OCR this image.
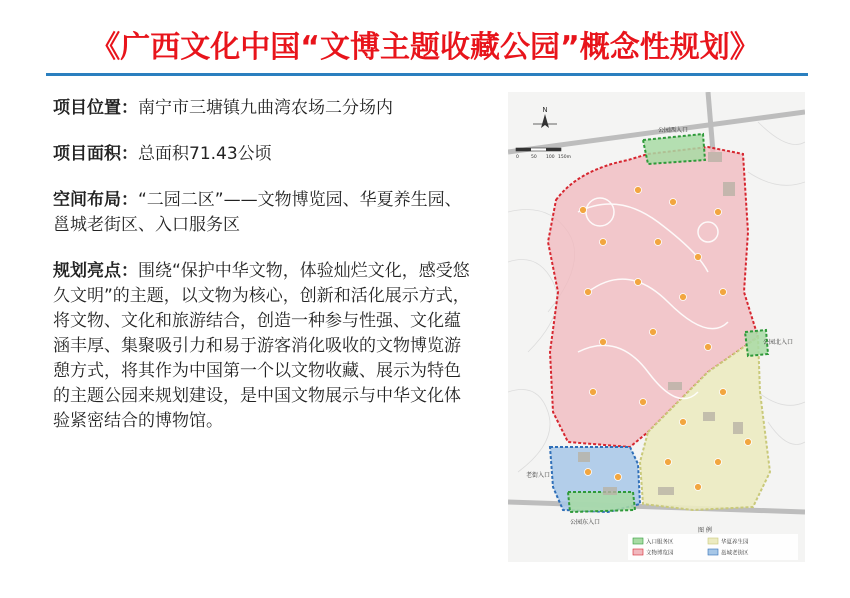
《广西文化中国“文博主题收藏公园”概念性规划》

项目位置：南宁市三塘镇九曲湾农场二分场内

项目面积：总面积71.43公顷

空间布局：“二园二区”——文物博览园、华夏养生园、邕城老街区、入口服务区

规划亮点：围绕“保护中华文物，体验灿烂文化，感受悠久文明”的主题，以文物为核心，创新和活化展示方式，将文物、文化和旅游结合，创造一种参与性强、文化蕴涵丰厚、集聚吸引力和易于游客消化吸收的文物博览游憩方式，将其作为中国第一个以文物收藏、展示为特色的主题公园来规划建设，是中国文物展示与中华文化体验紧密结合的博物馆。

N
0	50 100 150m
公园西入口
公园北入口
老街入口
公园东入口
图 例
入口服务区	华夏养生园
文物博览园	邕城老街区
